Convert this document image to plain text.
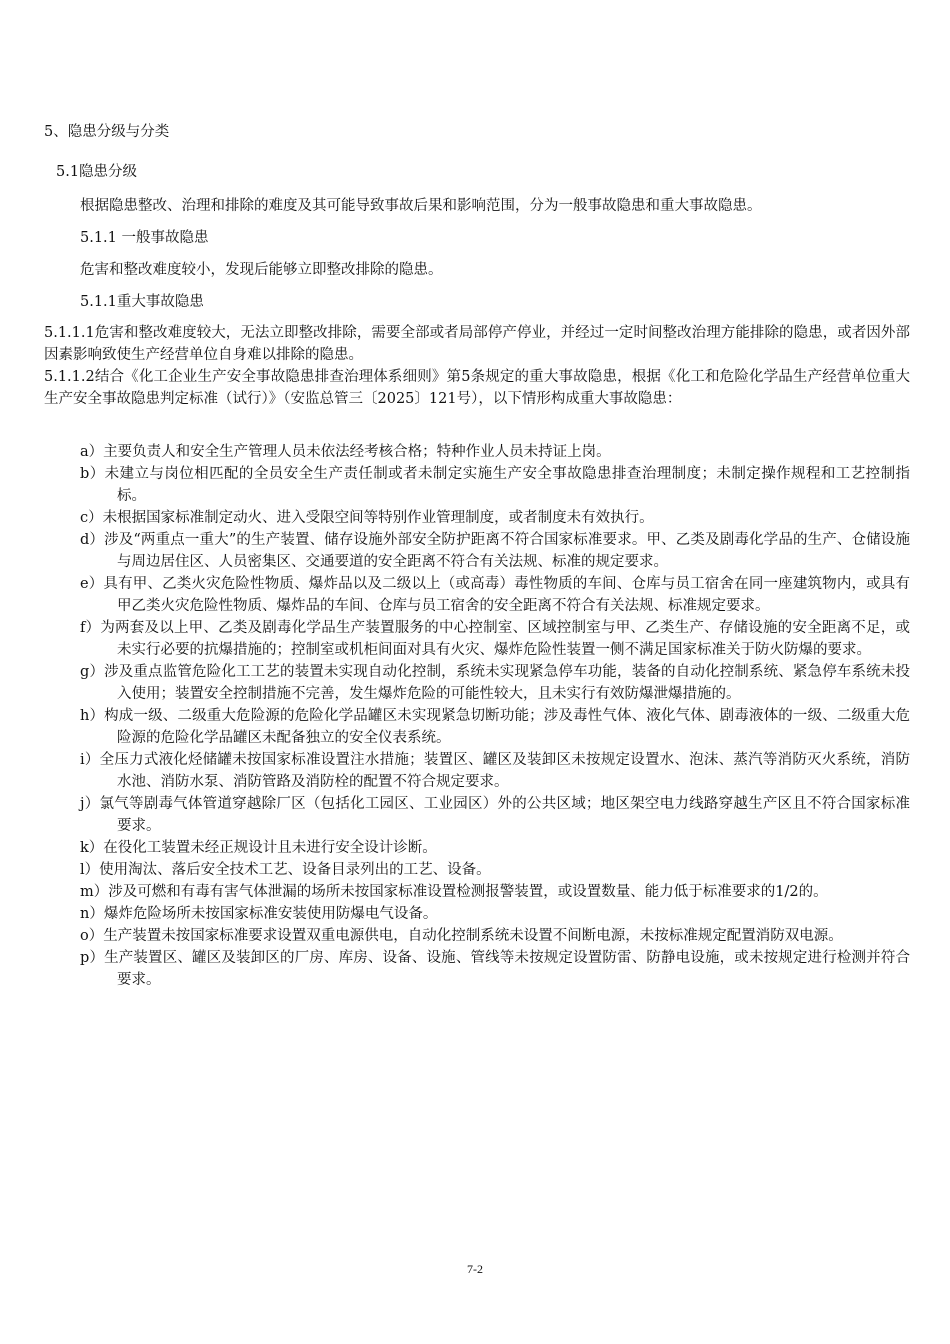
5、隐患分级与分类
5.1隐患分级
根据隐患整改、治理和排除的难度及其可能导致事故后果和影响范围，分为一般事故隐患和重大事故隐患。
5.1.1 一般事故隐患
危害和整改难度较小，发现后能够立即整改排除的隐患。
5.1.1重大事故隐患
5.1.1.1危害和整改难度较大，无法立即整改排除，需要全部或者局部停产停业，并经过一定时间整改治理方能排除的隐患，或者因外部因素影响致使生产经营单位自身难以排除的隐患。
5.1.1.2结合《化工企业生产安全事故隐患排查治理体系细则》第5条规定的重大事故隐患，根据《化工和危险化学品生产经营单位重大生产安全事故隐患判定标准（试行）》（安监总管三〔2025〕121号），以下情形构成重大事故隐患：
a）主要负责人和安全生产管理人员未依法经考核合格；特种作业人员未持证上岗。
b）未建立与岗位相匹配的全员安全生产责任制或者未制定实施生产安全事故隐患排查治理制度；未制定操作规程和工艺控制指标。
c）未根据国家标准制定动火、进入受限空间等特别作业管理制度，或者制度未有效执行。
d）涉及“两重点一重大”的生产装置、储存设施外部安全防护距离不符合国家标准要求。甲、乙类及剧毒化学品的生产、仓储设施与周边居住区、人员密集区、交通要道的安全距离不符合有关法规、标准的规定要求。
e）具有甲、乙类火灾危险性物质、爆炸品以及二级以上（或高毒）毒性物质的车间、仓库与员工宿舍在同一座建筑物内，或具有甲乙类火灾危险性物质、爆炸品的车间、仓库与员工宿舍的安全距离不符合有关法规、标准规定要求。
f）为两套及以上甲、乙类及剧毒化学品生产装置服务的中心控制室、区域控制室与甲、乙类生产、存储设施的安全距离不足，或未实行必要的抗爆措施的；控制室或机柜间面对具有火灾、爆炸危险性装置一侧不满足国家标准关于防火防爆的要求。
g）涉及重点监管危险化工工艺的装置未实现自动化控制，系统未实现紧急停车功能，装备的自动化控制系统、紧急停车系统未投入使用；装置安全控制措施不完善，发生爆炸危险的可能性较大，且未实行有效防爆泄爆措施的。
h）构成一级、二级重大危险源的危险化学品罐区未实现紧急切断功能；涉及毒性气体、液化气体、剧毒液体的一级、二级重大危险源的危险化学品罐区未配备独立的安全仪表系统。
i）全压力式液化烃储罐未按国家标准设置注水措施；装置区、罐区及装卸区未按规定设置水、泡沫、蒸汽等消防灭火系统，消防水池、消防水泵、消防管路及消防栓的配置不符合规定要求。
j）氯气等剧毒气体管道穿越除厂区（包括化工园区、工业园区）外的公共区域；地区架空电力线路穿越生产区且不符合国家标准要求。
k）在役化工装置未经正规设计且未进行安全设计诊断。
l）使用淘汰、落后安全技术工艺、设备目录列出的工艺、设备。
m）涉及可燃和有毒有害气体泄漏的场所未按国家标准设置检测报警装置，或设置数量、能力低于标准要求的1/2的。
n）爆炸危险场所未按国家标准安装使用防爆电气设备。
o）生产装置未按国家标准要求设置双重电源供电，自动化控制系统未设置不间断电源，未按标准规定配置消防双电源。
p）生产装置区、罐区及装卸区的厂房、库房、设备、设施、管线等未按规定设置防雷、防静电设施，或未按规定进行检测并符合要求。
7-2
